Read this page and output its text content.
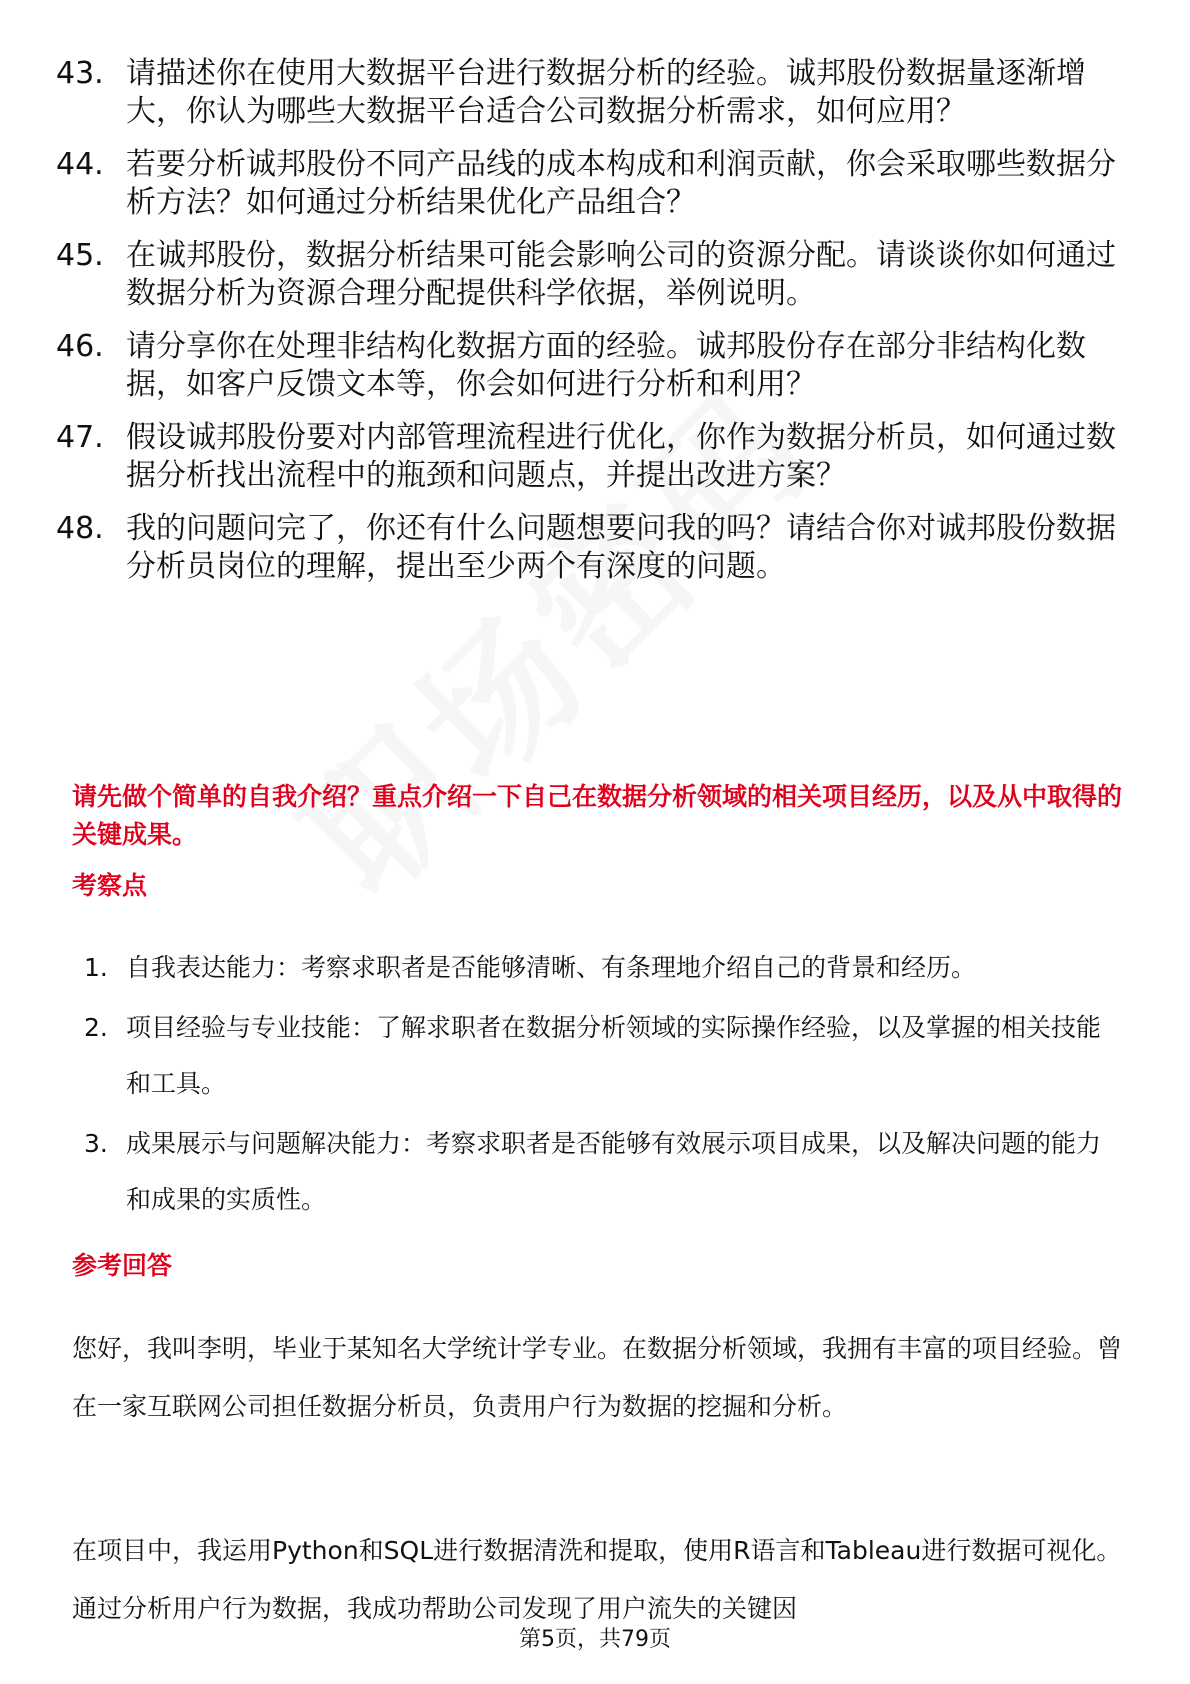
43. 请描述你在使用大数据平台进行数据分析的经验。诚邦股份数据量逐渐增大，你认为哪些大数据平台适合公司数据分析需求，如何应用？
44. 若要分析诚邦股份不同产品线的成本构成和利润贡献，你会采取哪些数据分析方法？如何通过分析结果优化产品组合？
45. 在诚邦股份，数据分析结果可能会影响公司的资源分配。请谈谈你如何通过数据分析为资源合理分配提供科学依据，举例说明。
46. 请分享你在处理非结构化数据方面的经验。诚邦股份存在部分非结构化数据，如客户反馈文本等，你会如何进行分析和利用？
47. 假设诚邦股份要对内部管理流程进行优化，你作为数据分析员，如何通过数据分析找出流程中的瓶颈和问题点，并提出改进方案？
48. 我的问题问完了，你还有什么问题想要问我的吗？请结合你对诚邦股份数据分析员岗位的理解，提出至少两个有深度的问题。
请先做个简单的自我介绍？重点介绍一下自己在数据分析领域的相关项目经历，以及从中取得的关键成果。
考察点
1. 自我表达能力：考察求职者是否能够清晰、有条理地介绍自己的背景和经历。
2. 项目经验与专业技能：了解求职者在数据分析领域的实际操作经验，以及掌握的相关技能和工具。
3. 成果展示与问题解决能力：考察求职者是否能够有效展示项目成果，以及解决问题的能力和成果的实质性。
参考回答
您好，我叫李明，毕业于某知名大学统计学专业。在数据分析领域，我拥有丰富的项目经验。曾在一家互联网公司担任数据分析员，负责用户行为数据的挖掘和分析。
在项目中，我运用Python和SQL进行数据清洗和提取，使用R语言和Tableau进行数据可视化。通过分析用户行为数据，我成功帮助公司发现了用户流失的关键因
第5页，共79页
